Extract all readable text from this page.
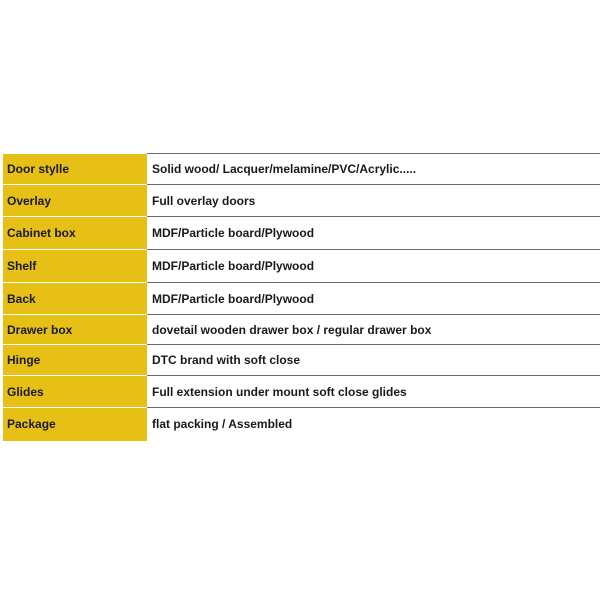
Door stylle	Solid wood/ Lacquer/melamine/PVC/Acrylic.....
Overlay	Full overlay doors
Cabinet box	MDF/Particle board/Plywood
Shelf	MDF/Particle board/Plywood
Back	MDF/Particle board/Plywood
Drawer box	dovetail wooden drawer box / regular drawer box
Hinge	DTC brand with soft close
Glides	Full extension under mount soft close glides
Package	flat packing / Assembled
